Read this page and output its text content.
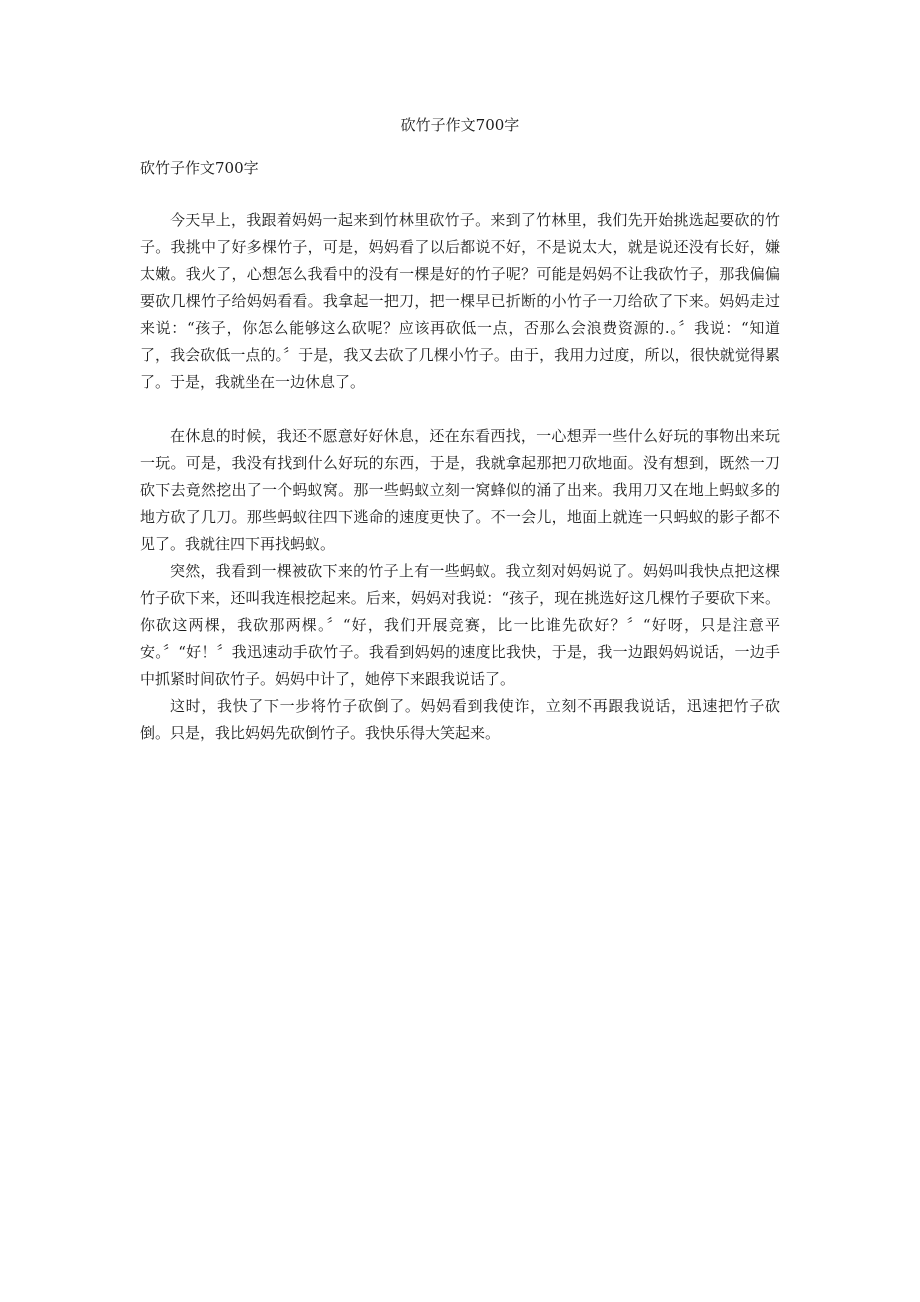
砍竹子作文700字
砍竹子作文700字

今天早上，我跟着妈妈一起来到竹林里砍竹子。来到了竹林里，我们先开始挑选起要砍的竹子。我挑中了好多棵竹子，可是，妈妈看了以后都说不好，不是说太大，就是说还没有长好，嫌太嫩。我火了，心想怎么我看中的没有一棵是好的竹子呢？可能是妈妈不让我砍竹子，那我偏偏要砍几棵竹子给妈妈看看。我拿起一把刀，把一棵早已折断的小竹子一刀给砍了下来。妈妈走过来说：“孩子，你怎么能够这么砍呢？应该再砍低一点，否那么会浪费资源的.。〞我说：“知道了，我会砍低一点的。〞于是，我又去砍了几棵小竹子。由于，我用力过度，所以，很快就觉得累了。于是，我就坐在一边休息了。

在休息的时候，我还不愿意好好休息，还在东看西找，一心想弄一些什么好玩的事物出来玩一玩。可是，我没有找到什么好玩的东西，于是，我就拿起那把刀砍地面。没有想到，既然一刀砍下去竟然挖出了一个蚂蚁窝。那一些蚂蚁立刻一窝蜂似的涌了出来。我用刀又在地上蚂蚁多的地方砍了几刀。那些蚂蚁往四下逃命的速度更快了。不一会儿，地面上就连一只蚂蚁的影子都不见了。我就往四下再找蚂蚁。

突然，我看到一棵被砍下来的竹子上有一些蚂蚁。我立刻对妈妈说了。妈妈叫我快点把这棵竹子砍下来，还叫我连根挖起来。后来，妈妈对我说：“孩子，现在挑选好这几棵竹子要砍下来。你砍这两棵，我砍那两棵。〞“好，我们开展竞赛，比一比谁先砍好？〞“好呀，只是注意平安。〞“好！〞我迅速动手砍竹子。我看到妈妈的速度比我快，于是，我一边跟妈妈说话，一边手中抓紧时间砍竹子。妈妈中计了，她停下来跟我说话了。

这时，我快了下一步将竹子砍倒了。妈妈看到我使诈，立刻不再跟我说话，迅速把竹子砍倒。只是，我比妈妈先砍倒竹子。我快乐得大笑起来。
